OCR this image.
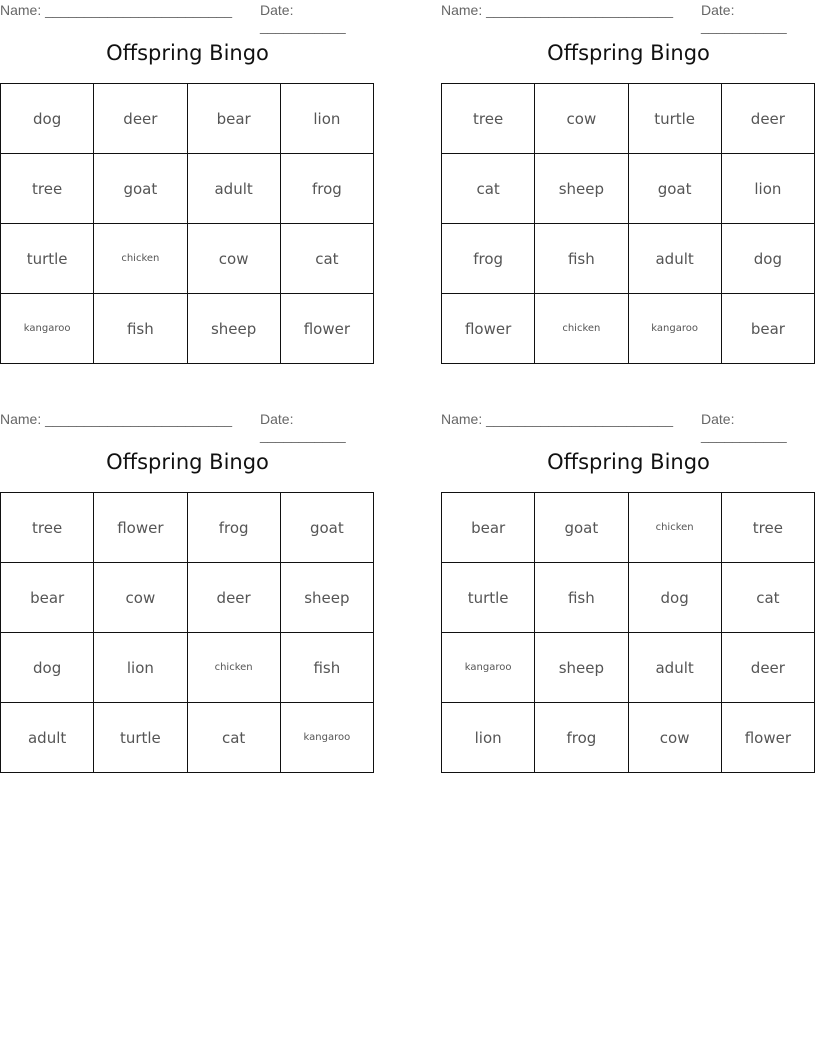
Name: ________________________ Date: ___________
Offspring Bingo
dog	deer	bear	lion
tree	goat	adult	frog
turtle	chicken	cow	cat
kangaroo	fish	sheep	flower
Name: ________________________ Date: ___________
Offspring Bingo
tree	cow	turtle	deer
cat	sheep	goat	lion
frog	fish	adult	dog
flower	chicken	kangaroo	bear
Name: ________________________ Date: ___________
Offspring Bingo
tree	flower	frog	goat
bear	cow	deer	sheep
dog	lion	chicken	fish
adult	turtle	cat	kangaroo
Name: ________________________ Date: ___________
Offspring Bingo
bear	goat	chicken	tree
turtle	fish	dog	cat
kangaroo	sheep	adult	deer
lion	frog	cow	flower
